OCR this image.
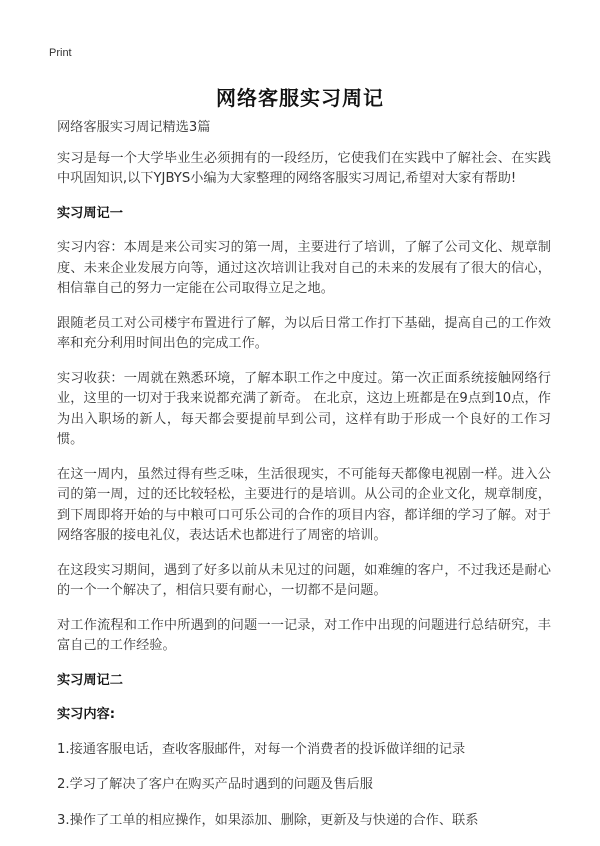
Print
网络客服实习周记

网络客服实习周记精选3篇

实习是每一个大学毕业生必须拥有的一段经历，它使我们在实践中了解社会、在实践中巩固知识,以下YJBYS小编为大家整理的网络客服实习周记,希望对大家有帮助!

实习周记一

实习内容：本周是来公司实习的第一周，主要进行了培训，了解了公司文化、规章制度、未来企业发展方向等，通过这次培训让我对自己的未来的发展有了很大的信心，相信靠自己的努力一定能在公司取得立足之地。

跟随老员工对公司楼宇布置进行了解，为以后日常工作打下基础，提高自己的工作效率和充分利用时间出色的完成工作。

实习收获：一周就在熟悉环境，了解本职工作之中度过。第一次正面系统接触网络行业，这里的一切对于我来说都充满了新奇。 在北京，这边上班都是在9点到10点，作为出入职场的新人，每天都会要提前早到公司，这样有助于形成一个良好的工作习惯。

在这一周内，虽然过得有些乏味，生活很现实，不可能每天都像电视剧一样。进入公司的第一周，过的还比较轻松，主要进行的是培训。从公司的企业文化，规章制度，到下周即将开始的与中粮可口可乐公司的合作的项目内容，都详细的学习了解。对于网络客服的接电礼仪，表达话术也都进行了周密的培训。

在这段实习期间，遇到了好多以前从未见过的问题，如难缠的客户，不过我还是耐心的一个一个解决了，相信只要有耐心，一切都不是问题。

对工作流程和工作中所遇到的问题一一记录，对工作中出现的问题进行总结研究，丰富自己的工作经验。

实习周记二

实习内容:

1.接通客服电话，查收客服邮件，对每一个消费者的投诉做详细的记录

2.学习了解决了客户在购买产品时遇到的问题及售后服

3.操作了工单的相应操作，如果添加、删除，更新及与快递的合作、联系
